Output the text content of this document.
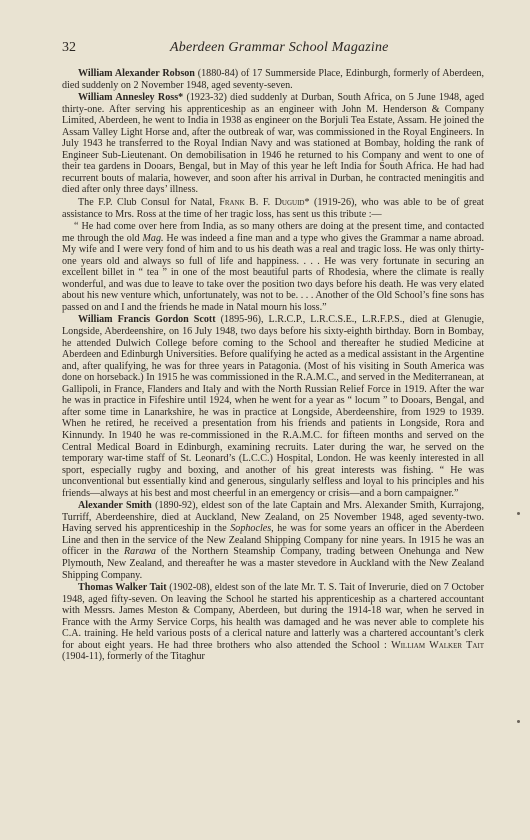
32	Aberdeen Grammar School Magazine

William Alexander Robson (1880-84) of 17 Summerside Place, Edinburgh, formerly of Aberdeen, died suddenly on 2 November 1948, aged seventy-seven.

William Annesley Ross* (1923-32) died suddenly at Durban, South Africa, on 5 June 1948, aged thirty-one. After serving his apprenticeship as an engineer with John M. Henderson & Company Limited, Aberdeen, he went to India in 1938 as engineer on the Borjuli Tea Estate, Assam. He joined the Assam Valley Light Horse and, after the outbreak of war, was commissioned in the Royal Engineers. In July 1943 he transferred to the Royal Indian Navy and was stationed at Bombay, holding the rank of Engineer Sub-Lieutenant. On demobilisation in 1946 he returned to his Company and went to one of their tea gardens in Dooars, Bengal, but in May of this year he left India for South Africa. He had had recurrent bouts of malaria, however, and soon after his arrival in Durban, he contracted meningitis and died after only three days’ illness.

The F.P. Club Consul for Natal, Frank B. F. Duguid* (1919-26), who was able to be of great assistance to Mrs. Ross at the time of her tragic loss, has sent us this tribute :—

“ He had come over here from India, as so many others are doing at the present time, and contacted me through the old Mag. He was indeed a fine man and a type who gives the Grammar a name abroad. My wife and I were very fond of him and to us his death was a real and tragic loss. He was only thirty-one years old and always so full of life and happiness. . . . He was very fortunate in securing an excellent billet in “ tea ” in one of the most beautiful parts of Rhodesia, where the climate is really wonderful, and was due to leave to take over the position two days before his death. He was very elated about his new venture which, unfortunately, was not to be. . . . Another of the Old School’s fine sons has passed on and I and the friends he made in Natal mourn his loss.”

William Francis Gordon Scott (1895-96), L.R.C.P., L.R.C.S.E., L.R.F.P.S., died at Glenugie, Longside, Aberdeenshire, on 16 July 1948, two days before his sixty-eighth birthday. Born in Bombay, he attended Dulwich College before coming to the School and thereafter he studied Medicine at Aberdeen and Edinburgh Universities. Before qualifying he acted as a medical assistant in the Argentine and, after qualifying, he was for three years in Patagonia. (Most of his visiting in South America was done on horseback.) In 1915 he was commissioned in the R.A.M.C., and served in the Mediterranean, at Gallipoli, in France, Flanders and Italy and with the North Russian Relief Force in 1919. After the war he was in practice in Fifeshire until 1924, when he went for a year as “ locum ” to Dooars, Bengal, and after some time in Lanarkshire, he was in practice at Longside, Aberdeenshire, from 1929 to 1939. When he retired, he received a presentation from his friends and patients in Longside, Rora and Kinnundy. In 1940 he was re-commissioned in the R.A.M.C. for fifteen months and served on the Central Medical Board in Edinburgh, examining recruits. Later during the war, he served on the temporary war-time staff of St. Leonard’s (L.C.C.) Hospital, London. He was keenly interested in all sport, especially rugby and boxing, and another of his great interests was fishing. “ He was unconventional but essentially kind and generous, singularly selfless and loyal to his principles and his friends—always at his best and most cheerful in an emergency or crisis—and a born campaigner.”

Alexander Smith (1890-92), eldest son of the late Captain and Mrs. Alexander Smith, Kurrajong, Turriff, Aberdeenshire, died at Auckland, New Zealand, on 25 November 1948, aged seventy-two. Having served his apprenticeship in the Sophocles, he was for some years an officer in the Aberdeen Line and then in the service of the New Zealand Shipping Company for nine years. In 1915 he was an officer in the Rarawa of the Northern Steamship Company, trading between Onehunga and New Plymouth, New Zealand, and thereafter he was a master stevedore in Auckland with the New Zealand Shipping Company.

Thomas Walker Tait (1902-08), eldest son of the late Mr. T. S. Tait of Inverurie, died on 7 October 1948, aged fifty-seven. On leaving the School he started his apprenticeship as a chartered accountant with Messrs. James Meston & Company, Aberdeen, but during the 1914-18 war, when he served in France with the Army Service Corps, his health was damaged and he was never able to complete his C.A. training. He held various posts of a clerical nature and latterly was a chartered accountant’s clerk for about eight years. He had three brothers who also attended the School : William Walker Tait (1904-11), formerly of the Titaghur
